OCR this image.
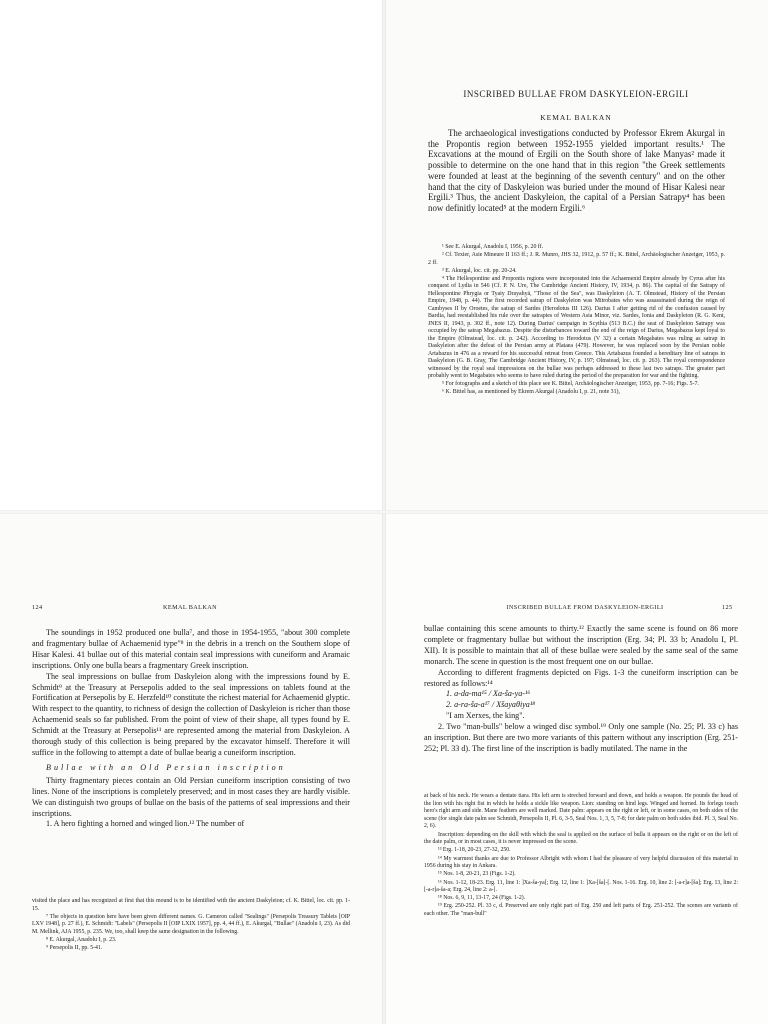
INSCRIBED BULLAE FROM DASKYLEION-ERGILI
KEMAL BALKAN

The archaeological investigations conducted by Professor Ekrem Akurgal in the Propontis region between 1952-1955 yielded important results.¹ The Excavations at the mound of Ergili on the South shore of lake Manyas² made it possible to determine on the one hand that in this region "the Greek settlements were founded at least at the beginning of the seventh century" and on the other hand that the city of Daskyleion was buried under the mound of Hisar Kalesi near Ergili.³ Thus, the ancient Daskyleion, the capital of a Persian Satrapy⁴ has been now definitly located⁵ at the modern Ergili.⁶

¹ See E. Akurgal, Anadolu I, 1956, p. 20 ff.

² Cf. Texier, Asie Mineure II 163 ff.; J. R. Munro, JHS 32, 1912, p. 57 ff.; K. Bittel, Archäologischer Anzeiger, 1953, p. 2 ff.

³ E. Akurgal, loc. cit. pp. 20-24.

⁴ The Hellespontine and Propontis regions were incorporated into the Achaemenid Empire already by Cyrus after his conquest of Lydia in 546 (Cf. P. N. Ure, The Cambridge Ancient History, IV, 1934, p. 86). The capital of the Satrapy of Hellespontine Phrygia or Tyaiy Drayahyā, "Those of the Sea", was Daskyleion (A. T. Olmstead, History of the Persian Empire, 1948, p. 44). The first recorded satrap of Daskyleion was Mitrobates who was assassinated during the reign of Cambyses II by Oroetes, the satrap of Sardes (Herodotus III 126). Darius I after getting rid of the confusion caused by Bardia, had reestablished his rule over the satrapies of Western Asia Minor, viz. Sardes, Ionia and Daskyleion (R. G. Kent, JNES II, 1943, p. 302 ff., note 12). During Darius' campaign in Scythia (513 B.C.) the seat of Daskyleion Satrapy was occupied by the satrap Megabazus. Despite the disturbances toward the end of the reign of Darius, Megabazus kept loyal to the Empire (Olmstead, loc. cit. p. 242). According to Herodotus (V 32) a certain Megabates was ruling as satrap in Daskyleion after the defeat of the Persian army at Plataea (479). However, he was replaced soon by the Persian noble Artabazus in 476 as a reward for his successful retreat from Greece. This Artabazus founded a hereditary line of satraps in Daskyleion (G. B. Gray, The Cambridge Ancient History, IV, p. 197; Olmstead, loc. cit. p. 263). The royal correspondence witnessed by the royal seal impressions on the bullae was perhaps addressed to these last two satraps. The greater part probably went to Megabates who seems to have ruled during the period of the preparation for war and the fighting.

⁵ For fotographs and a sketch of this place see K. Bittel, Archäologischer Anzeiger, 1953, pp. 7-16; Figs. 5-7.

⁶ K. Bittel has, as mentioned by Ekrem Akurgal (Anadolu I, p. 21, note 31),

124	KEMAL BALKAN

The soundings in 1952 produced one bulla⁷, and those in 1954-1955, "about 300 complete and fragmentary bullae of Achaemenid type"⁸ in the debris in a trench on the Southern slope of Hisar Kalesi. 41 bullae out of this material contain seal impressions with cuneiform and Aramaic inscriptions. Only one bulla bears a fragmentary Greek inscription.

The seal impressions on bullae from Daskyleion along with the impressions found by E. Schmidt⁹ at the Treasury at Persepolis added to the seal impressions on tablets found at the Fortification at Persepolis by E. Herzfeld¹⁰ constitute the richest material for Achaemenid glyptic. With respect to the quantity, to richness of design the collection of Daskyleion is richer than those Achaemenid seals so far published. From the point of view of their shape, all types found by E. Schmidt at the Treasury at Persepolis¹¹ are represented among the material from Daskyleion. A thorough study of this collection is being prepared by the excavator himself. Therefore it will suffice in the following to attempt a date of bullae bearig a cuneiform inscription.

Bullae with an Old Persian inscription

Thirty fragmentary pieces contain an Old Persian cuneiform inscription consisting of two lines. None of the inscriptions is completely preserved; and in most cases they are hardly visible. We can distinguish two groups of bullae on the basis of the patterns of seal impressions and their inscriptions.

1. A hero fighting a horned and winged lion.¹² The number of

visited the place and has recognized at first that this mound is to be identified with the ancient Daskyleion; cf. K. Bittel, loc. cit. pp. 1-15.

⁷ The objects in question here have been given different names. G. Cameron called "Sealings" (Persepolis Treasury Tablets [OIP LXV 1948], p. 27 ff.), E. Schmidt: "Labels" (Persepolis II [OIP LXIX 1957], pp. 4, 44 ff.), E. Akurgal, "Bullae" (Anadolu I, 23). As did M. Mellink, AJA 1955, p. 235. We, too, shall keep the same designation in the following.

⁸ E. Akurgal, Anadolu I, p. 23.

⁹ Persepolis II, pp. 5-41.

INSCRIBED BULLAE FROM DASKYLEION-ERGILI	125

bullae containing this scene amounts to thirty.¹² Exactly the same scene is found on 86 more complete or fragmentary bullae but without the inscription (Erg. 34; Pl. 33 b; Anadolu I, Pl. XII). It is possible to maintain that all of these bullae were sealed by the same seal of the same monarch. The scene in question is the most frequent one on our bullae.

According to different fragments depicted on Figs. 1-3 the cuneiform inscription can be restored as follows:¹⁴

1. a-da-ma¹⁵ / Xa-ša-ya-¹⁶

2. a-ra-ša-a¹⁷ / Xšayaθiya¹⁸

"I am Xerxes, the king".

2. Two "man-bulls" below a winged disc symbol.¹⁹ Only one sample (No. 25; Pl. 33 c) has an inscription. But there are two more variants of this pattern without any inscription (Erg. 251-252; Pl. 33 d). The first line of the inscription is badly mutilated. The name in the

at back of his neck. He wears a dentate tiara. His left arm is streched forward and down, and holds a weapon. He pounds the head of the lion with his right fist in which he holds a sickle like weapon. Lion: standing on hind legs. Winged and horned. Its forlegs touch hero's right arm and side. Mane feathers are well marked. Date palm: appears on the right or left, or in some cases, on both sides of the scene (for single date palm see Schmidt, Persepolis II, Pl. 6, 3-5, Seal Nos. 1, 3, 5, 7-8; for date palm on both sides ibid. Pl. 3, Seal No. 2, 6).

Inscription: depending on the skill with which the seal is applied on the surface of bulla it appears on the right or on the left of the date palm, or in most cases, it is never impressed on the scene.

¹³ Erg. 1-18, 20-23, 27-32, 250.

¹⁴ My warmest thanks are due to Professor Albright with whom I had the pleasure of very helpful discussion of this material in 1956 during his stay in Ankara.

¹⁵ Nos. 1-8, 20-21, 23 (Figs. 1-2).

¹⁶ Nos. 1-12, 18-23. Erg. 11, line 1: ]Xa-ša-ya[; Erg. 12, line 1: ]Xa-[ša]-[. Nos. 1-16. Erg. 10, line 2: [-a-r]a-[ša]; Erg. 13, line 2: [-a-r]a-ša-a; Erg. 24, line 2: a-[.

¹⁸ Nos. 6, 9, 11, 13-17, 24 (Figs. 1-2).

¹⁹ Erg. 250-252. Pl. 33 c, d. Preserved are only right part of Erg. 250 and left parts of Erg. 251-252. The scenes are variants of each other. The "man-bull"
